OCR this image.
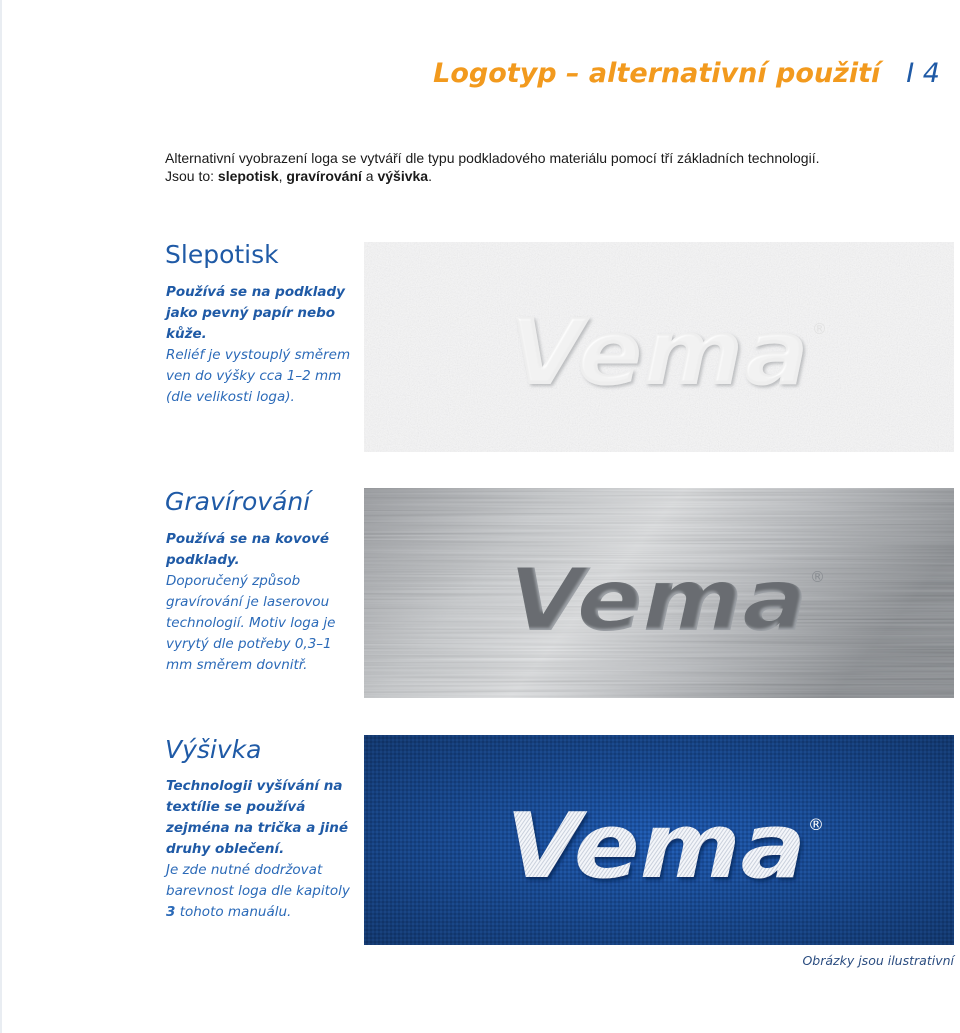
Logotyp – alternativní použití I 4
Alternativní vyobrazení loga se vytváří dle typu podkladového materiálu pomocí tří základních technologií.
Jsou to: slepotisk, gravírování a výšivka.
Slepotisk
Používá se na podklady jako pevný papír nebo kůže.
Reliéf je vystouplý směrem ven do výšky cca 1–2 mm (dle velikosti loga).	Vema ®
Gravírování
Používá se na kovové podklady.
Doporučený způsob gravírování je laserovou technologií. Motiv loga je vyrytý dle potřeby 0,3–1 mm směrem dovnitř.
Vema ®
Výšivka
Technologii vyšívání na textílie se používá zejména na trička a jiné druhy oblečení.
Je zde nutné dodržovat barevnost loga dle kapitoly 3 tohoto manuálu.
Vema ®
Obrázky jsou ilustrativní
